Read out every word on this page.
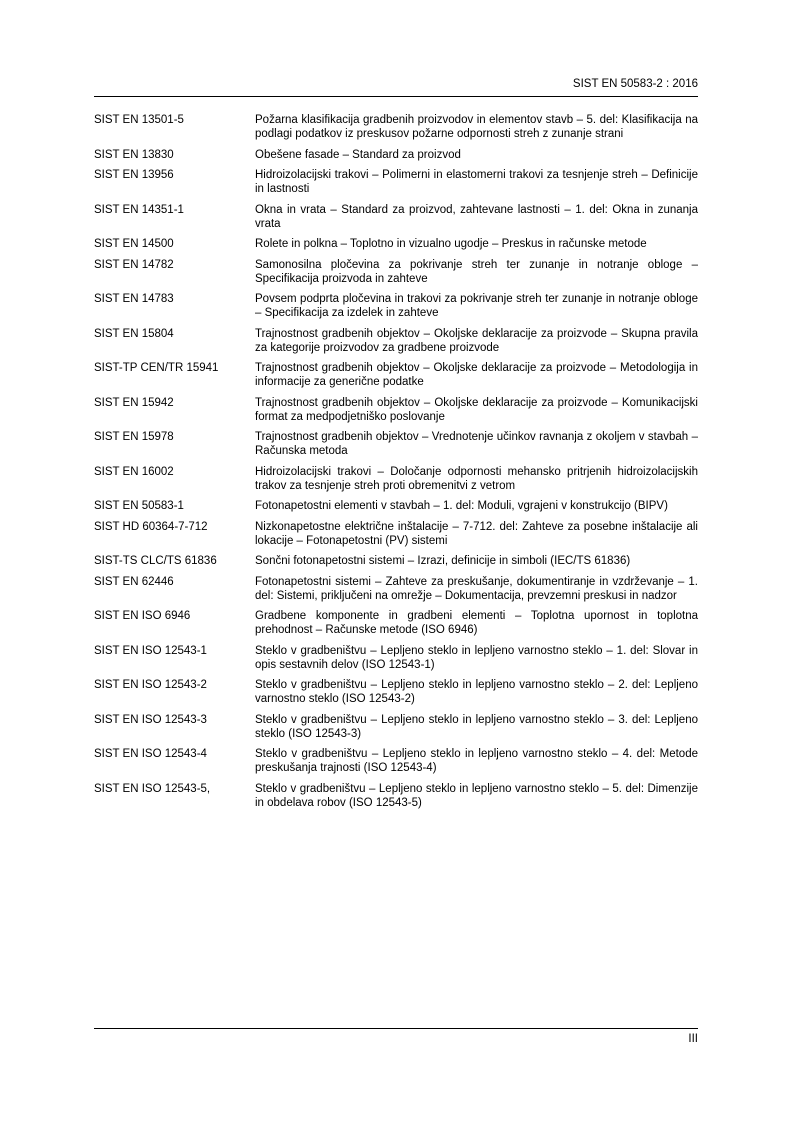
SIST EN 50583-2 : 2016
SIST EN 13501-5	Požarna klasifikacija gradbenih proizvodov in elementov stavb – 5. del: Klasifikacija na podlagi podatkov iz preskusov požarne odpornosti streh z zunanje strani
SIST EN 13830	Obešene fasade – Standard za proizvod
SIST EN 13956	Hidroizolacijski trakovi – Polimerni in elastomerni trakovi za tesnjenje streh – Definicije in lastnosti
SIST EN 14351-1	Okna in vrata – Standard za proizvod, zahtevane lastnosti – 1. del: Okna in zunanja vrata
SIST EN 14500	Rolete in polkna – Toplotno in vizualno ugodje – Preskus in računske metode
SIST EN 14782	Samonosilna pločevina za pokrivanje streh ter zunanje in notranje obloge – Specifikacija proizvoda in zahteve
SIST EN 14783	Povsem podprta pločevina in trakovi za pokrivanje streh ter zunanje in notranje obloge – Specifikacija za izdelek in zahteve
SIST EN 15804	Trajnostnost gradbenih objektov – Okoljske deklaracije za proizvode – Skupna pravila za kategorije proizvodov za gradbene proizvode
SIST-TP CEN/TR 15941	Trajnostnost gradbenih objektov – Okoljske deklaracije za proizvode – Metodologija in informacije za generične podatke
SIST EN 15942	Trajnostnost gradbenih objektov – Okoljske deklaracije za proizvode – Komunikacijski format za medpodjetniško poslovanje
SIST EN 15978	Trajnostnost gradbenih objektov – Vrednotenje učinkov ravnanja z okoljem v stavbah – Računska metoda
SIST EN 16002	Hidroizolacijski trakovi – Določanje odpornosti mehansko pritrjenih hidroizolacijskih trakov za tesnjenje streh proti obremenitvi z vetrom
SIST EN 50583-1	Fotonapetostni elementi v stavbah – 1. del: Moduli, vgrajeni v konstrukcijo (BIPV)
SIST HD 60364-7-712	Nizkonapetostne električne inštalacije – 7-712. del: Zahteve za posebne inštalacije ali lokacije – Fotonapetostni (PV) sistemi
SIST-TS CLC/TS 61836	Sončni fotonapetostni sistemi – Izrazi, definicije in simboli (IEC/TS 61836)
SIST EN 62446	Fotonapetostni sistemi – Zahteve za preskušanje, dokumentiranje in vzdrževanje – 1. del: Sistemi, priključeni na omrežje – Dokumentacija, prevzemni preskusi in nadzor
SIST EN ISO 6946	Gradbene komponente in gradbeni elementi – Toplotna upornost in toplotna prehodnost – Računske metode (ISO 6946)
SIST EN ISO 12543-1	Steklo v gradbeništvu – Lepljeno steklo in lepljeno varnostno steklo – 1. del: Slovar in opis sestavnih delov (ISO 12543-1)
SIST EN ISO 12543-2	Steklo v gradbeništvu – Lepljeno steklo in lepljeno varnostno steklo – 2. del: Lepljeno varnostno steklo (ISO 12543-2)
SIST EN ISO 12543-3	Steklo v gradbeništvu – Lepljeno steklo in lepljeno varnostno steklo – 3. del: Lepljeno steklo (ISO 12543-3)
SIST EN ISO 12543-4	Steklo v gradbeništvu – Lepljeno steklo in lepljeno varnostno steklo – 4. del: Metode preskušanja trajnosti (ISO 12543-4)
SIST EN ISO 12543-5,	Steklo v gradbeništvu – Lepljeno steklo in lepljeno varnostno steklo – 5. del: Dimenzije in obdelava robov (ISO 12543-5)
III
